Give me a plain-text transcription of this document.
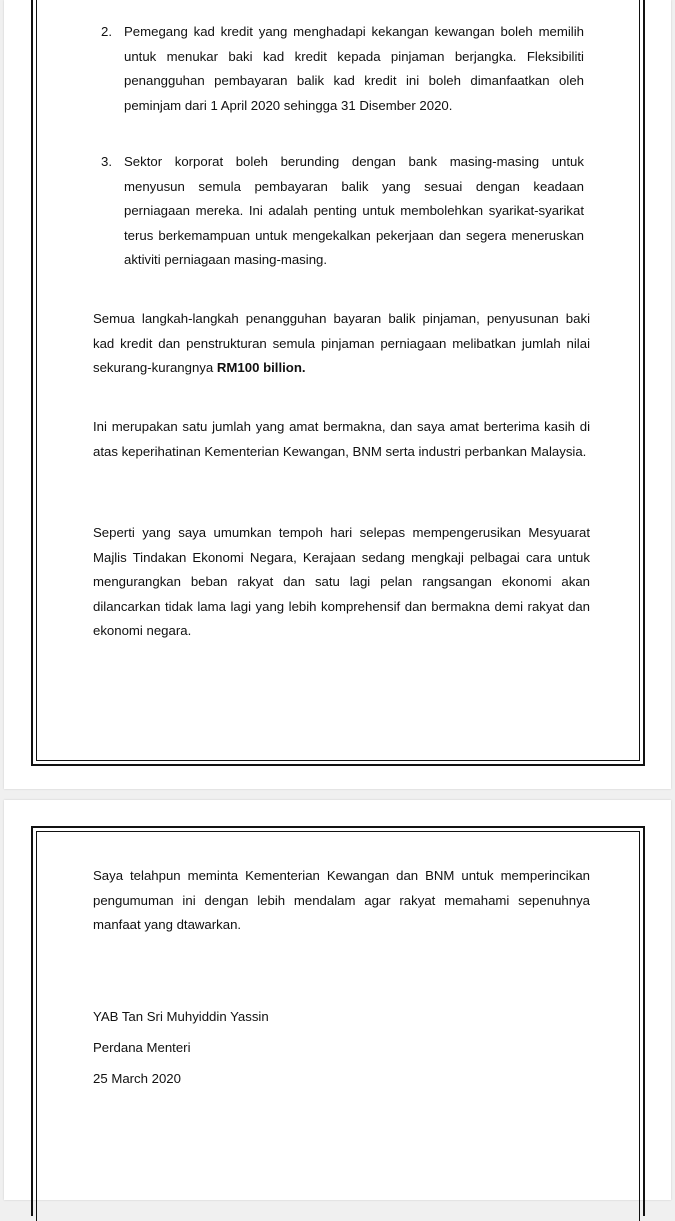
2. Pemegang kad kredit yang menghadapi kekangan kewangan boleh memilih untuk menukar baki kad kredit kepada pinjaman berjangka. Fleksibiliti penangguhan pembayaran balik kad kredit ini boleh dimanfaatkan oleh peminjam dari 1 April 2020 sehingga 31 Disember 2020.
3. Sektor korporat boleh berunding dengan bank masing-masing untuk menyusun semula pembayaran balik yang sesuai dengan keadaan perniagaan mereka. Ini adalah penting untuk membolehkan syarikat-syarikat terus berkemampuan untuk mengekalkan pekerjaan dan segera meneruskan aktiviti perniagaan masing-masing.

Semua langkah-langkah penangguhan bayaran balik pinjaman, penyusunan baki kad kredit dan penstrukturan semula pinjaman perniagaan melibatkan jumlah nilai sekurang-kurangnya RM100 billion.

Ini merupakan satu jumlah yang amat bermakna, dan saya amat berterima kasih di atas keperihatinan Kementerian Kewangan, BNM serta industri perbankan Malaysia.

Seperti yang saya umumkan tempoh hari selepas mempengerusikan Mesyuarat Majlis Tindakan Ekonomi Negara, Kerajaan sedang mengkaji pelbagai cara untuk mengurangkan beban rakyat dan satu lagi pelan rangsangan ekonomi akan dilancarkan tidak lama lagi yang lebih komprehensif dan bermakna demi rakyat dan ekonomi negara.

Saya telahpun meminta Kementerian Kewangan dan BNM untuk memperincikan pengumuman ini dengan lebih mendalam agar rakyat memahami sepenuhnya manfaat yang dtawarkan.

YAB Tan Sri Muhyiddin Yassin

Perdana Menteri

25 March 2020
